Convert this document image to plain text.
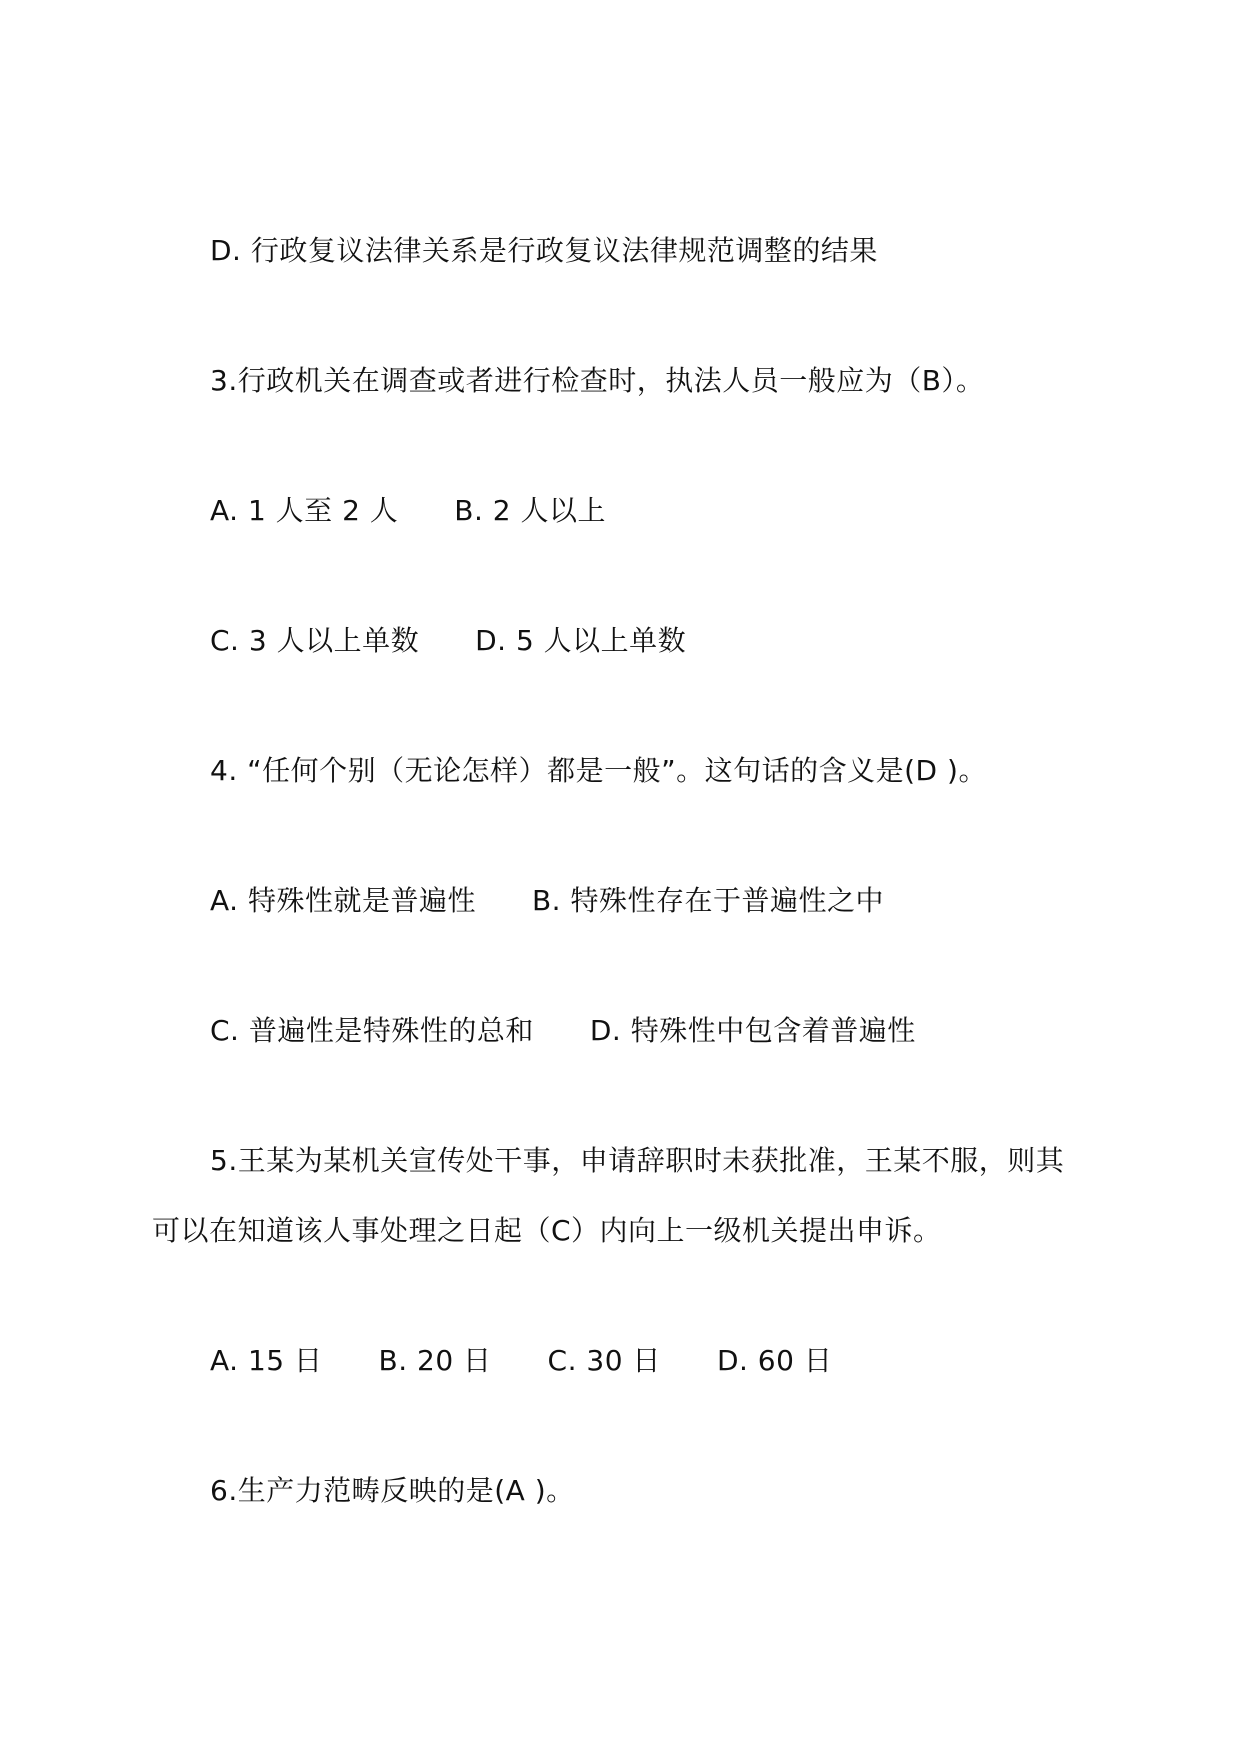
D. 行政复议法律关系是行政复议法律规范调整的结果
3.行政机关在调查或者进行检查时，执法人员一般应为（B）。
A. 1 人至 2 人 B. 2 人以上
C. 3 人以上单数 D. 5 人以上单数
4. “任何个别（无论怎样）都是一般”。这句话的含义是(D )。
A. 特殊性就是普遍性 B. 特殊性存在于普遍性之中
C. 普遍性是特殊性的总和 D. 特殊性中包含着普遍性
5.王某为某机关宣传处干事，申请辞职时未获批准，王某不服，则其
可以在知道该人事处理之日起（C）内向上一级机关提出申诉。
A. 15 日 B. 20 日 C. 30 日 D. 60 日
6.生产力范畴反映的是(A )。
